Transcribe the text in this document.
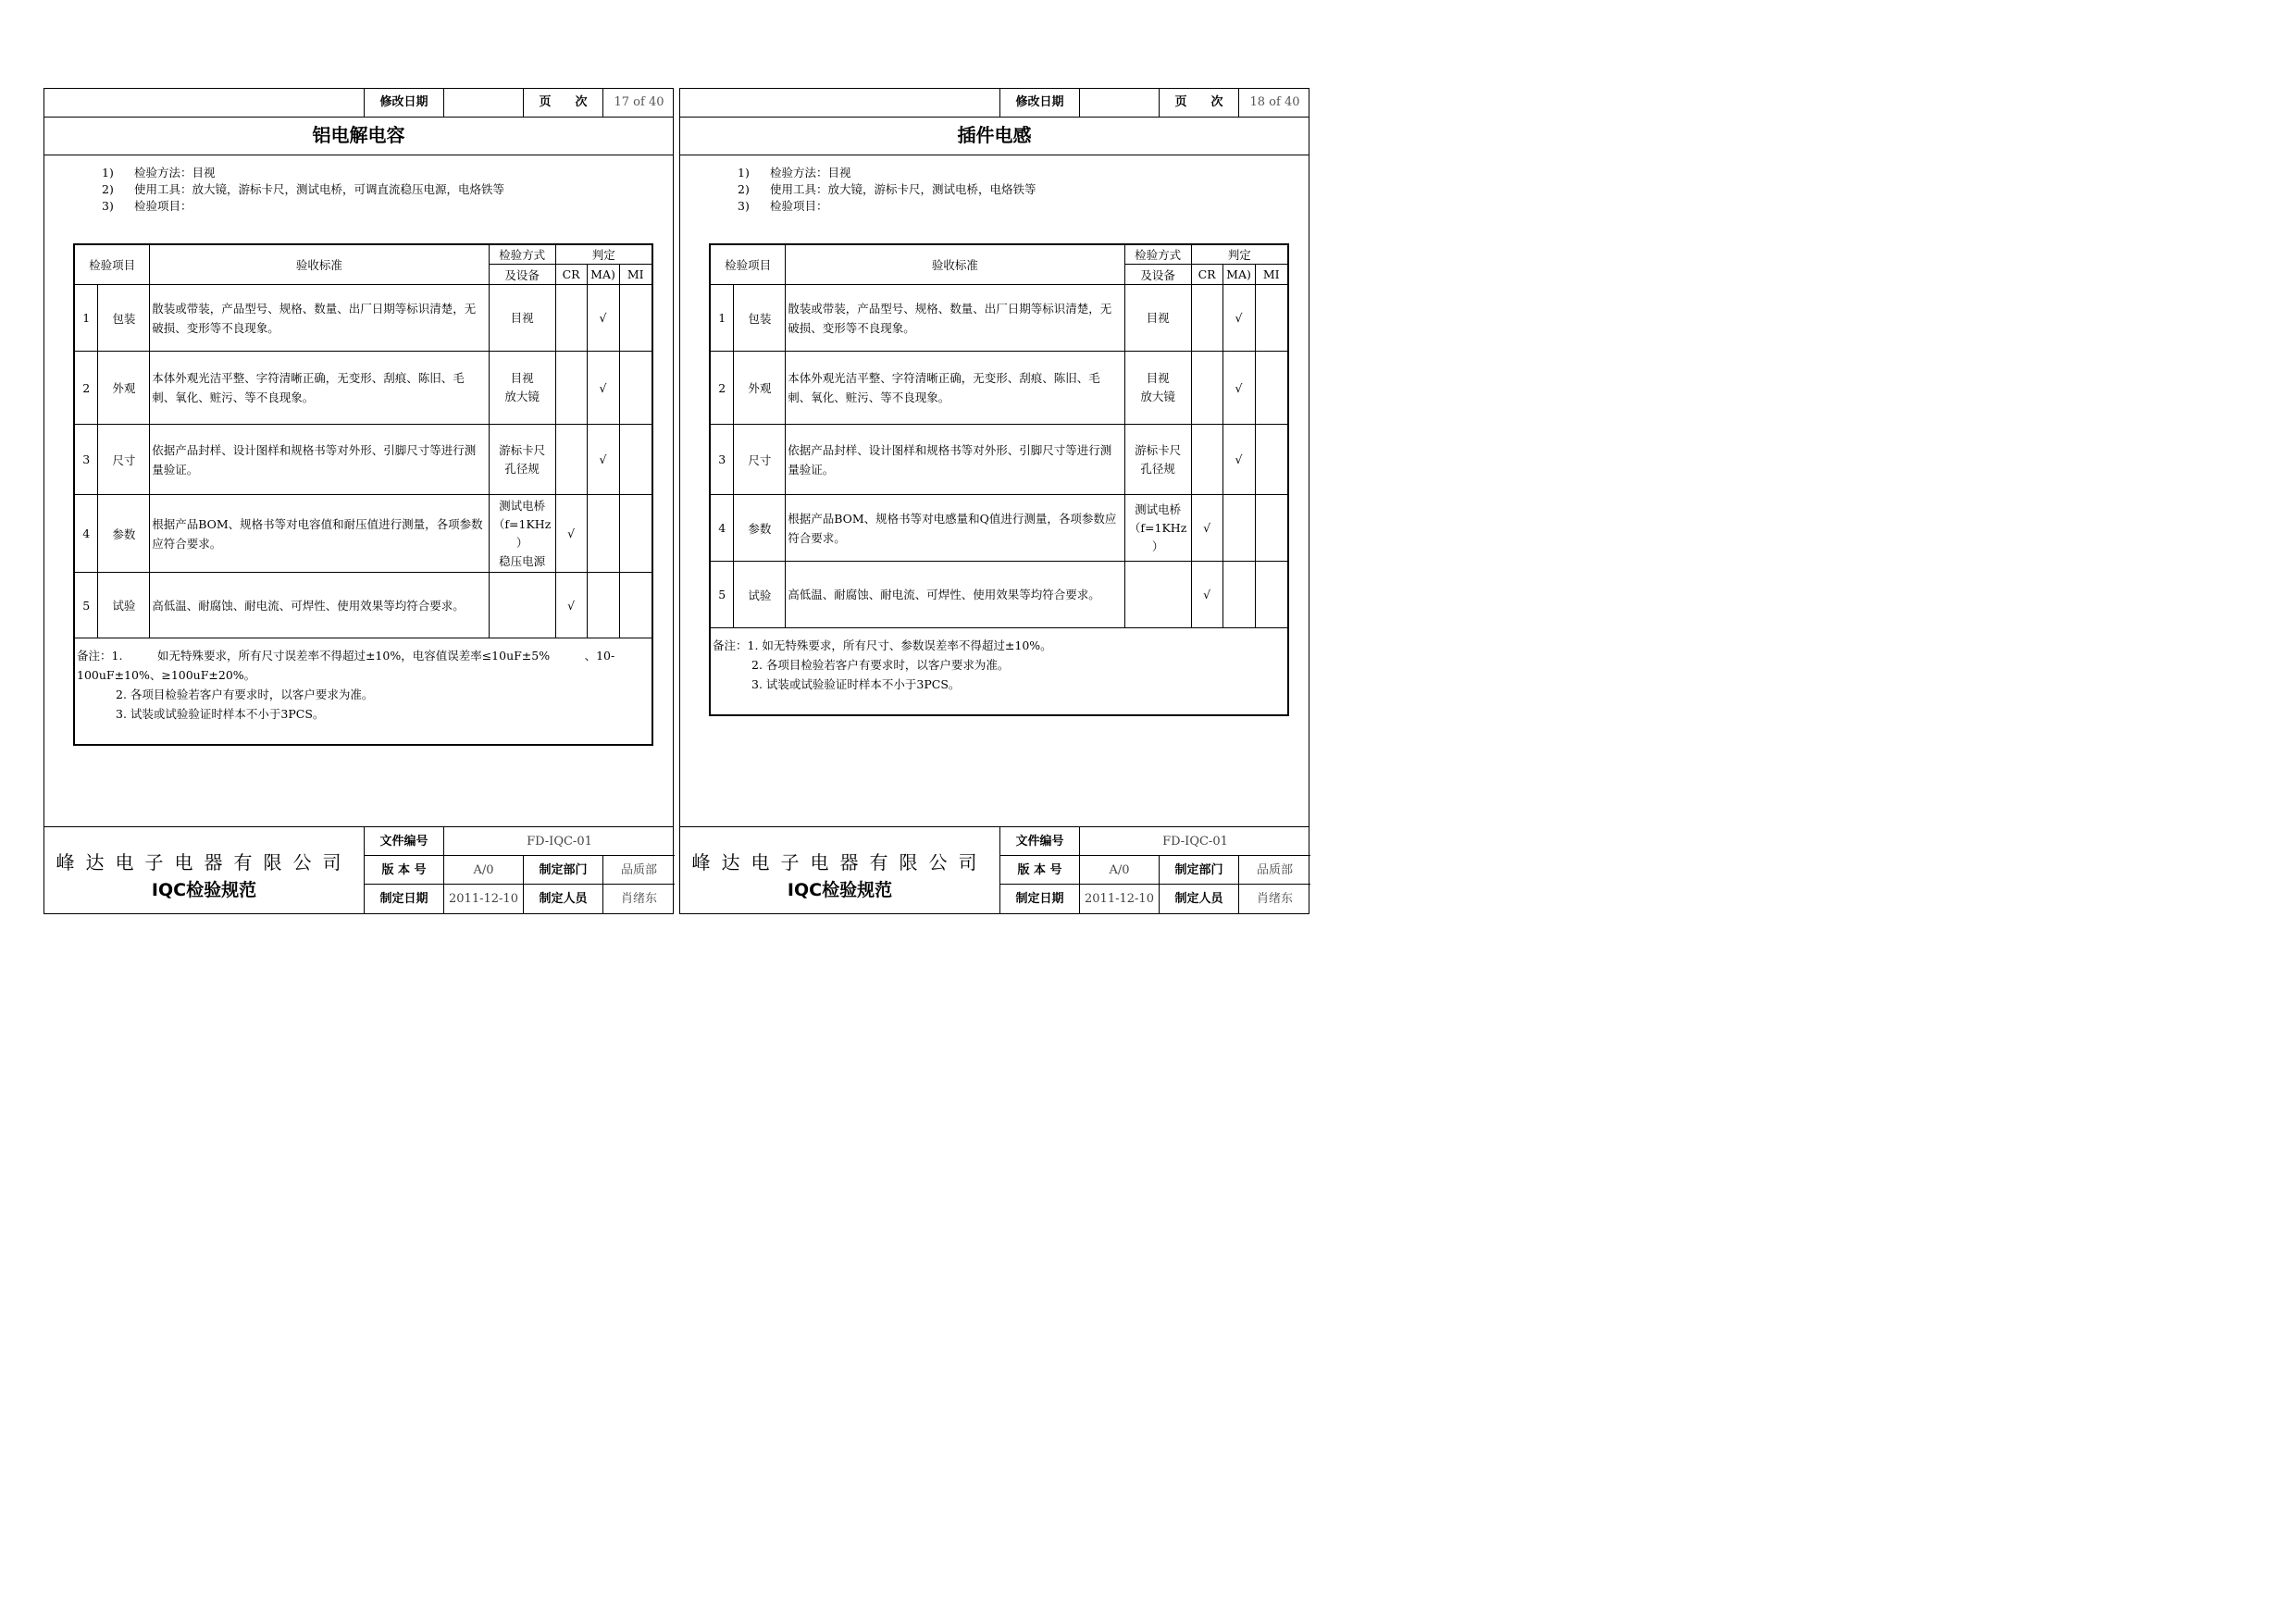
修改日期	页　　次	17 of 40
铝电解电容
1) 检验方法：目视
2) 使用工具：放大镜，游标卡尺，测试电桥，可调直流稳压电源，电烙铁等
3) 检验项目：
检验项目		验收标准	检验方式	判定		
			及设备	CR	MA)	MI
1	包装	散装或带装，产品型号、规格、数量、出厂日期等标识清楚，无破损、变形等不良现象。	目视		√	
2	外观	本体外观光洁平整、字符清晰正确，无变形、刮痕、陈旧、毛刺、氧化、赃污、等不良现象。	目视
放大镜		√	
3	尺寸	依据产品封样、设计图样和规格书等对外形、引脚尺寸等进行测量验证。	游标卡尺
孔径规		√	
4	参数	根据产品BOM、规格书等对电容值和耐压值进行测量，各项参数应符合要求。	测试电桥
（f=1KHz
）
稳压电源	√		
5	试验	高低温、耐腐蚀、耐电流、可焊性、使用效果等均符合要求。		√		

备注：1.　　　如无特殊要求，所有尺寸误差率不得超过±10%，电容值误差率≤10uF±5%　　　、10-100uF±10%、≥100uF±20%。
2. 各项目检验若客户有要求时，以客户要求为准。
3. 试装或试验验证时样本不小于3PCS。						
峰达电子电器有限公司
IQC检验规范
文件编号	FD-IQC-01
版 本 号	A/0	制定部门	品质部
制定日期	2011-12-10	制定人员	肖绪东
修改日期	页　　次	18 of 40
插件电感
1) 检验方法：目视
2) 使用工具：放大镜，游标卡尺，测试电桥，电烙铁等
3) 检验项目：
检验项目		验收标准	检验方式	判定		
			及设备	CR	MA)	MI
1	包装	散装或带装，产品型号、规格、数量、出厂日期等标识清楚，无破损、变形等不良现象。	目视		√	
2	外观	本体外观光洁平整、字符清晰正确，无变形、刮痕、陈旧、毛刺、氧化、赃污、等不良现象。	目视
放大镜		√	
3	尺寸	依据产品封样、设计图样和规格书等对外形、引脚尺寸等进行测量验证。	游标卡尺
孔径规		√	
4	参数	根据产品BOM、规格书等对电感量和Q值进行测量，各项参数应符合要求。	测试电桥
（f=1KHz
）	√		
5	试验	高低温、耐腐蚀、耐电流、可焊性、使用效果等均符合要求。		√		

备注：1. 如无特殊要求，所有尺寸、参数误差率不得超过±10%。
2. 各项目检验若客户有要求时，以客户要求为准。
3. 试装或试验验证时样本不小于3PCS。						
峰达电子电器有限公司
IQC检验规范
文件编号	FD-IQC-01
版 本 号	A/0	制定部门	品质部
制定日期	2011-12-10	制定人员	肖绪东
